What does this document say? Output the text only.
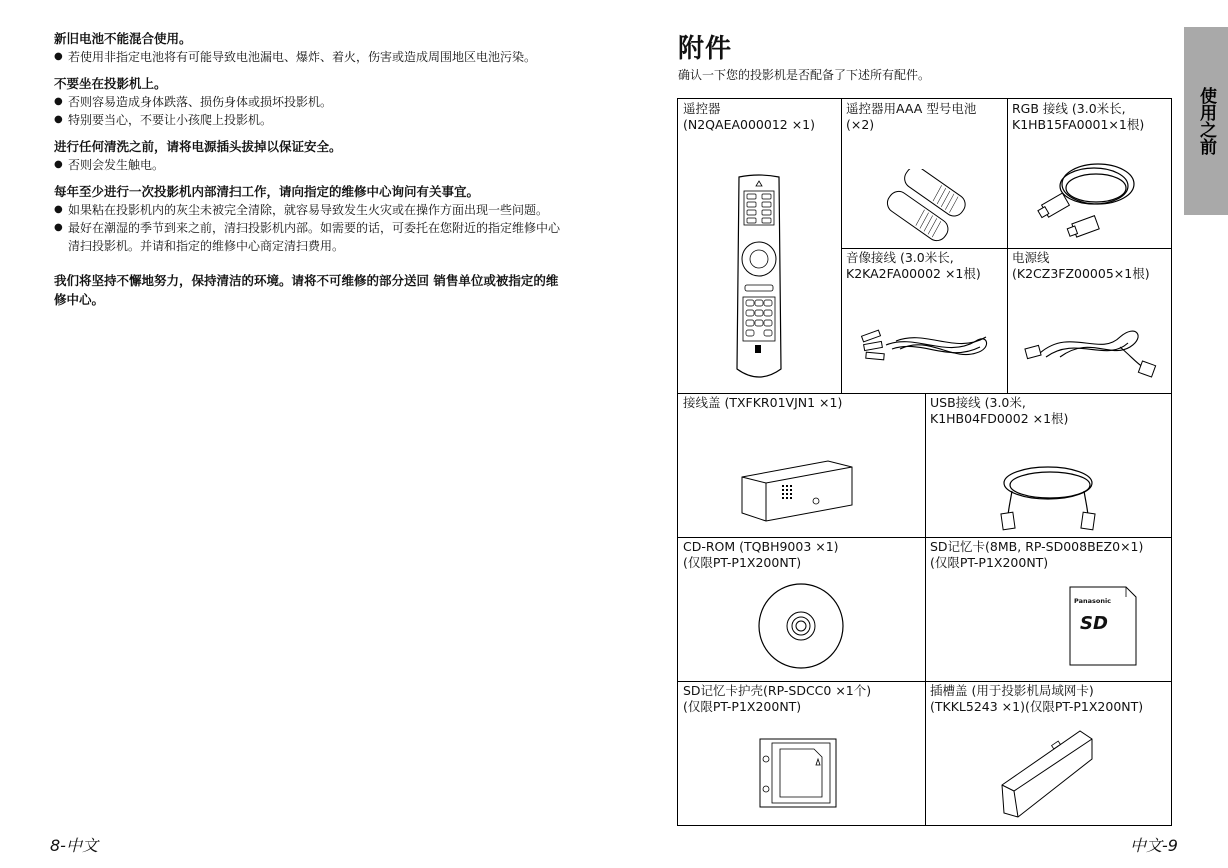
新旧电池不能混合使用。
● 若使用非指定电池将有可能导致电池漏电、爆炸、着火，伤害或造成周围地区电池污染。
不要坐在投影机上。
● 否则容易造成身体跌落、损伤身体或损坏投影机。
● 特别要当心，不要让小孩爬上投影机。
进行任何清洗之前，请将电源插头拔掉以保证安全。
● 否则会发生触电。
每年至少进行一次投影机内部清扫工作，请向指定的维修中心询问有关事宜。
● 如果粘在投影机内的灰尘未被完全清除，就容易导致发生火灾或在操作方面出现一些问题。
● 最好在潮湿的季节到来之前，清扫投影机内部。如需要的话，可委托在您附近的指定维修中心清扫投影机。并请和指定的维修中心商定清扫费用。
我们将坚持不懈地努力，保持清洁的环境。请将不可维修的部分送回 销售单位或被指定的维修中心。
附件
确认一下您的投影机是否配备了下述所有配件。
使用之前
遥控器
(N2QAEA000012 ×1)
遥控器用AAA 型号电池
(×2)
RGB 接线 (3.0米长,
K1HB15FA0001×1根)
音像接线 (3.0米长,
K2KA2FA00002 ×1根)
电源线
(K2CZ3FZ00005×1根)
接线盖 (TXFKR01VJN1 ×1)	USB接线 (3.0米,
K1HB04FD0002 ×1根)
CD-ROM (TQBH9003 ×1)
(仅限PT-P1X200NT)
SD记忆卡(8MB, RP-SD008BEZ0×1)
(仅限PT-P1X200NT)
Panasonic
SD
SD记忆卡护壳(RP-SDCC0 ×1个)
(仅限PT-P1X200NT)
插槽盖 (用于投影机局域网卡)
(TKKL5243 ×1)(仅限PT-P1X200NT)
8-中文	中文-9
